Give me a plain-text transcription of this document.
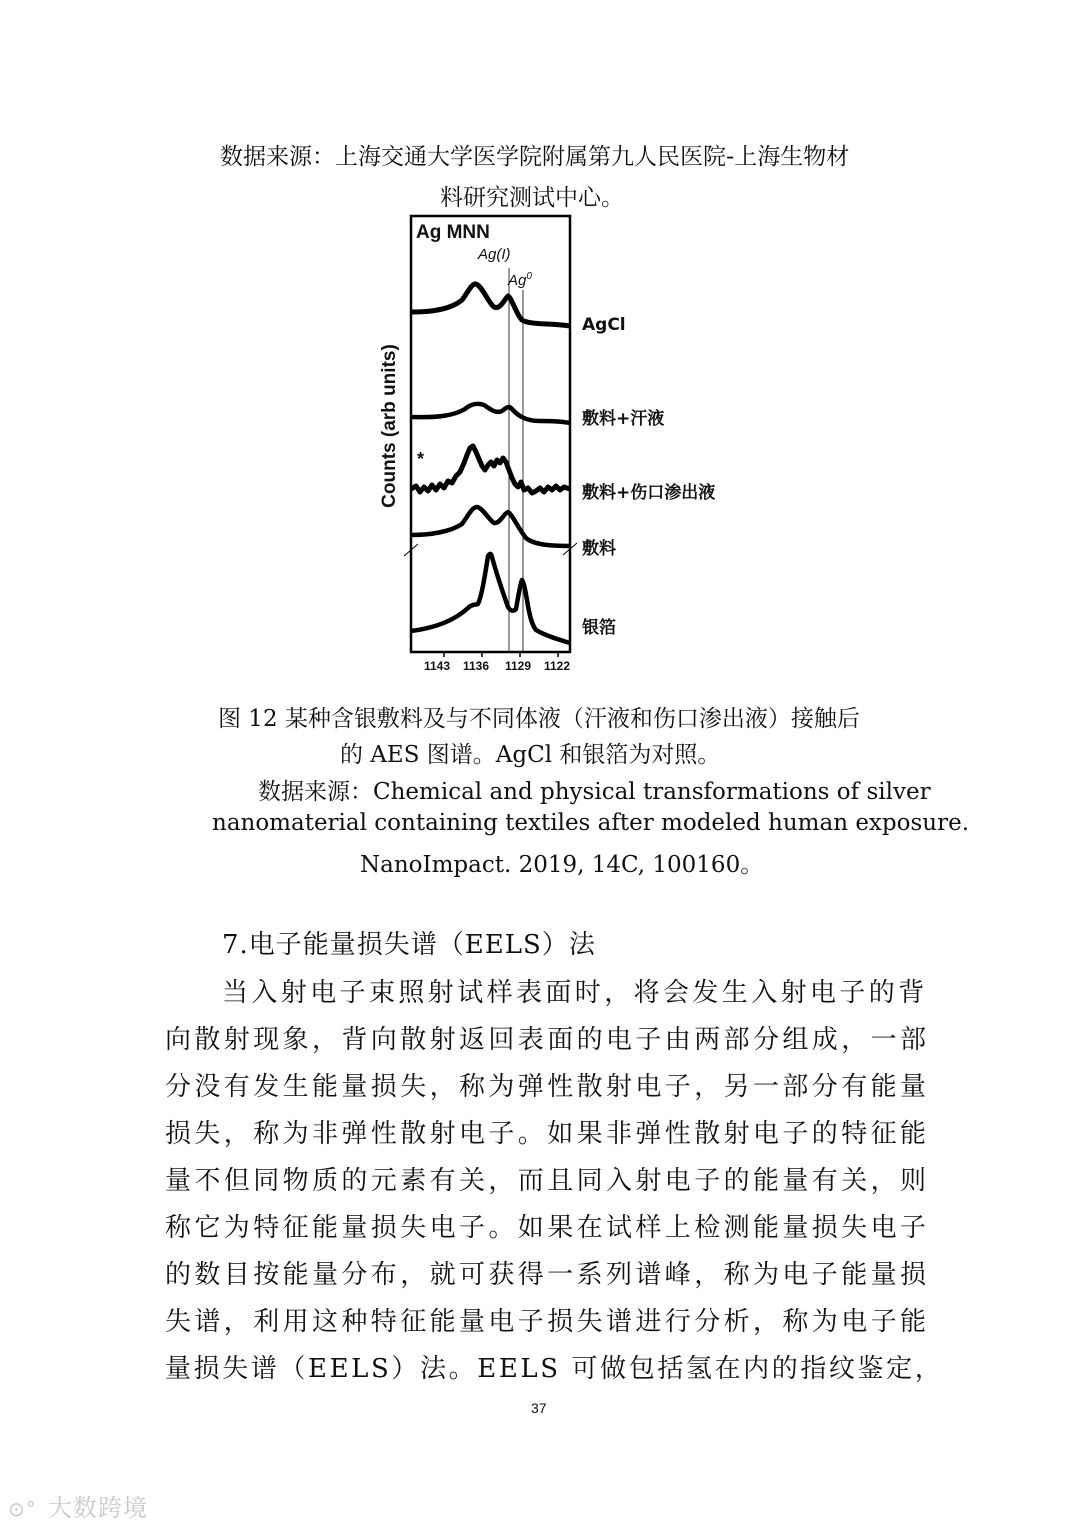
数据来源：上海交通大学医学院附属第九人民医院-上海生物材
料研究测试中心。
Ag MNN
Ag(I)
Ag$^0$
Counts (arb units) *
AgCl
敷料+汗液
敷料+伤口渗出液
敷料
银箔
1143 1136 1129 1122
图 12 某种含银敷料及与不同体液（汗液和伤口渗出液）接触后
的 AES 图谱。AgCl 和银箔为对照。
数据来源：Chemical and physical transformations of silver
nanomaterial containing textiles after modeled human exposure.
NanoImpact. 2019, 14C, 100160。
7.电子能量损失谱（EELS）法
当入射电子束照射试样表面时，将会发生入射电子的背
向散射现象，背向散射返回表面的电子由两部分组成，一部
分没有发生能量损失，称为弹性散射电子，另一部分有能量
损失，称为非弹性散射电子。如果非弹性散射电子的特征能
量不但同物质的元素有关，而且同入射电子的能量有关，则
称它为特征能量损失电子。如果在试样上检测能量损失电子
的数目按能量分布，就可获得一系列谱峰，称为电子能量损
失谱，利用这种特征能量电子损失谱进行分析，称为电子能
量损失谱（EELS）法。EELS 可做包括氢在内的指纹鉴定，
37
⊙° 大数跨境
